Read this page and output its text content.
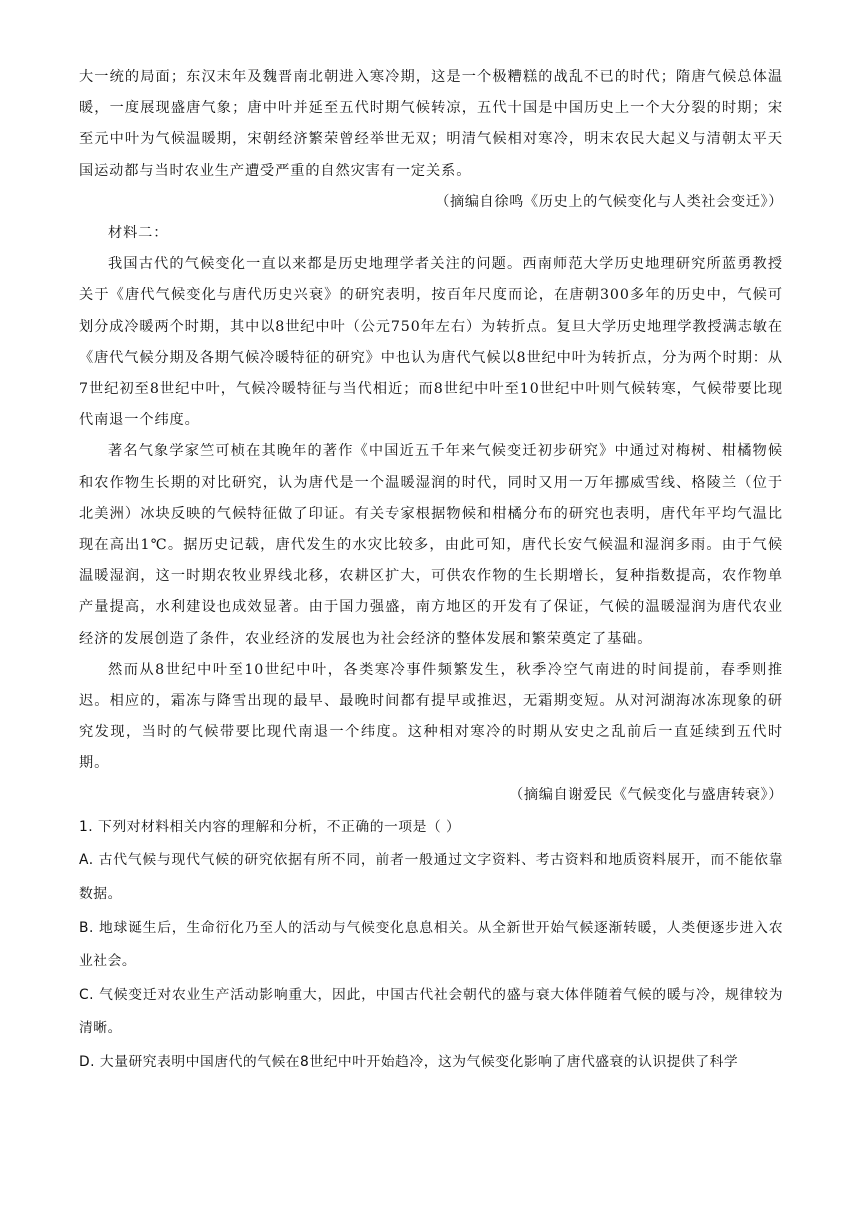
大一统的局面；东汉末年及魏晋南北朝进入寒冷期，这是一个极糟糕的战乱不已的时代；隋唐气候总体温暖，一度展现盛唐气象；唐中叶并延至五代时期气候转凉，五代十国是中国历史上一个大分裂的时期；宋至元中叶为气候温暖期，宋朝经济繁荣曾经举世无双；明清气候相对寒冷，明末农民大起义与清朝太平天国运动都与当时农业生产遭受严重的自然灾害有一定关系。

（摘编自徐鸣《历史上的气候变化与人类社会变迁》）

材料二：

我国古代的气候变化一直以来都是历史地理学者关注的问题。西南师范大学历史地理研究所蓝勇教授关于《唐代气候变化与唐代历史兴衰》的研究表明，按百年尺度而论，在唐朝300多年的历史中，气候可划分成冷暖两个时期，其中以8世纪中叶（公元750年左右）为转折点。复旦大学历史地理学教授满志敏在《唐代气候分期及各期气候冷暖特征的研究》中也认为唐代气候以8世纪中叶为转折点，分为两个时期：从7世纪初至8世纪中叶，气候冷暖特征与当代相近；而8世纪中叶至10世纪中叶则气候转寒，气候带要比现代南退一个纬度。

著名气象学家竺可桢在其晚年的著作《中国近五千年来气候变迁初步研究》中通过对梅树、柑橘物候和农作物生长期的对比研究，认为唐代是一个温暖湿润的时代，同时又用一万年挪威雪线、格陵兰（位于北美洲）冰块反映的气候特征做了印证。有关专家根据物候和柑橘分布的研究也表明，唐代年平均气温比现在高出1℃。据历史记载，唐代发生的水灾比较多，由此可知，唐代长安气候温和湿润多雨。由于气候温暖湿润，这一时期农牧业界线北移，农耕区扩大，可供农作物的生长期增长，复种指数提高，农作物单产量提高，水利建设也成效显著。由于国力强盛，南方地区的开发有了保证，气候的温暖湿润为唐代农业经济的发展创造了条件，农业经济的发展也为社会经济的整体发展和繁荣奠定了基础。

然而从8世纪中叶至10世纪中叶，各类寒冷事件频繁发生，秋季冷空气南进的时间提前，春季则推迟。相应的，霜冻与降雪出现的最早、最晚时间都有提早或推迟，无霜期变短。从对河湖海冰冻现象的研究发现，当时的气候带要比现代南退一个纬度。这种相对寒冷的时期从安史之乱前后一直延续到五代时期。

（摘编自谢爱民《气候变化与盛唐转衰》）

1. 下列对材料相关内容的理解和分析，不正确的一项是（ ）

A. 古代气候与现代气候的研究依据有所不同，前者一般通过文字资料、考古资料和地质资料展开，而不能依靠数据。

B. 地球诞生后，生命衍化乃至人的活动与气候变化息息相关。从全新世开始气候逐渐转暖，人类便逐步进入农业社会。

C. 气候变迁对农业生产活动影响重大，因此，中国古代社会朝代的盛与衰大体伴随着气候的暖与冷，规律较为清晰。

D. 大量研究表明中国唐代的气候在8世纪中叶开始趋冷，这为气候变化影响了唐代盛衰的认识提供了科学
